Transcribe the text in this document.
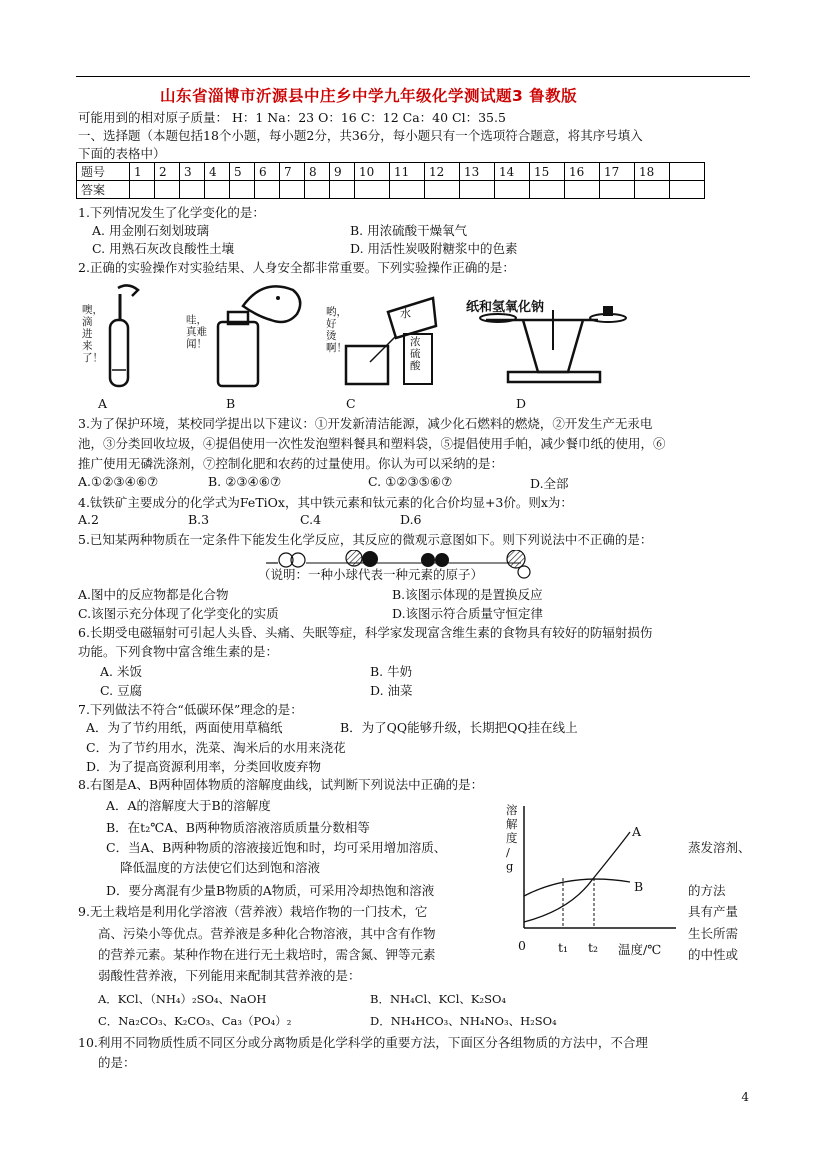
山东省淄博市沂源县中庄乡中学九年级化学测试题3 鲁教版
可能用到的相对原子质量： H：1 Na：23 O：16 C：12 Ca：40 Cl：35.5
一、选择题（本题包括18个小题，每小题2分，共36分，每小题只有一个选项符合题意，将其序号填入
下面的表格中）
题号	1	2	3	4	5	6	7	8	9	10	11	12	13	14	15	16	17	18	
答案																			
1.下列情况发生了化学变化的是：
A. 用金刚石刻划玻璃	B. 用浓硫酸干燥氧气
C. 用熟石灰改良酸性土壤	D. 用活性炭吸附糖浆中的色素
2.正确的实验操作对实验结果、人身安全都非常重要。下列实验操作正确的是：
噢，滴进来了！
哇，真难闻！
哟，好烫啊！
水
浓硫酸
纸和氢氧化钠
A	B	C	D
3.为了保护环境，某校同学提出以下建议：①开发新清洁能源，减少化石燃料的燃烧，②开发生产无汞电
池，③分类回收垃圾，④提倡使用一次性发泡塑料餐具和塑料袋，⑤提倡使用手帕，减少餐巾纸的使用，⑥
推广使用无磷洗涤剂，⑦控制化肥和农药的过量使用。你认为可以采纳的是：
A.①②③④⑥⑦	B. ②③④⑥⑦	C. ①②③⑤⑥⑦	D.全部
4.钛铁矿主要成分的化学式为FeTiOx，其中铁元素和钛元素的化合价均显+3价。则x为：
A.2	B.3	C.4	D.6
5.已知某两种物质在一定条件下能发生化学反应，其反应的微观示意图如下。则下列说法中不正确的是：
（说明：一种小球代表一种元素的原子）
A.图中的反应物都是化合物	B.该图示体现的是置换反应
C.该图示充分体现了化学变化的实质	D.该图示符合质量守恒定律
6.长期受电磁辐射可引起人头昏、头痛、失眠等症，科学家发现富含维生素的食物具有较好的防辐射损伤
功能。下列食物中富含维生素的是：
A. 米饭	B. 牛奶
C. 豆腐	D. 油菜
7.下列做法不符合“低碳环保”理念的是：
A．为了节约用纸，两面使用草稿纸	B．为了QQ能够升级，长期把QQ挂在线上
C．为了节约用水，洗菜、淘米后的水用来浇花
D．为了提高资源利用率，分类回收废弃物
8.右图是A、B两种固体物质的溶解度曲线，试判断下列说法中正确的是：
A．A的溶解度大于B的溶解度
B．在t₂℃A、B两种物质溶液溶质质量分数相等
C．当A、B两种物质的溶液接近饱和时，均可采用增加溶质、	蒸发溶剂、
降低温度的方法使它们达到饱和溶液
D．要分离混有少量B物质的A物质，可采用冷却热饱和溶液	的方法
溶
解
度
/
g
A
B
0	t₁ t₂ 温度/℃
9.无土栽培是利用化学溶液（营养液）栽培作物的一门技术，它	具有产量
高、污染小等优点。营养液是多种化合物溶液，其中含有作物	生长所需
的营养元素。某种作物在进行无土栽培时，需含氮、钾等元素	的中性或
弱酸性营养液，下列能用来配制其营养液的是：
A．KCl、（NH₄）₂SO₄、NaOH	B．NH₄Cl、KCl、K₂SO₄
C．Na₂CO₃、K₂CO₃、Ca₃（PO₄）₂	D．NH₄HCO₃、NH₄NO₃、H₂SO₄
10.利用不同物质性质不同区分或分离物质是化学科学的重要方法，下面区分各组物质的方法中，不合理
的是：
4
